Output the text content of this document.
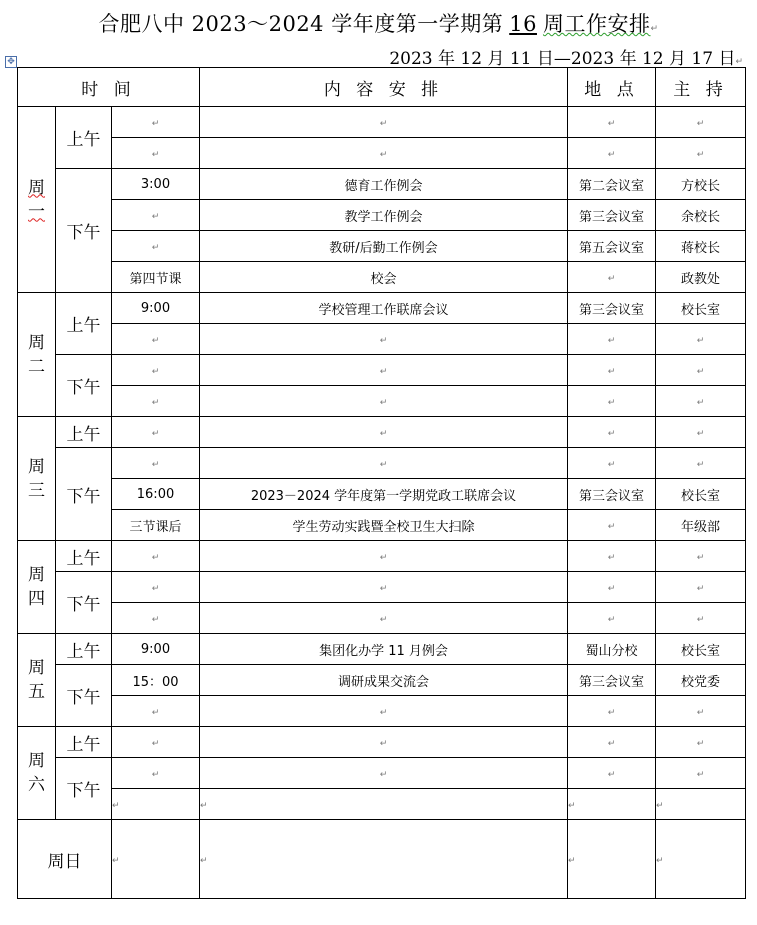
合肥八中 2023～2024 学年度第一学期第 16 周工作安排↵
2023 年 12 月 11 日—2023 年 12 月 17 日↵
✥
时 间			内 容 安 排	地 点	主 持
周
一	上午	↵	↵	↵	↵
		↵	↵	↵	↵
	下午	3:00	德育工作例会	第二会议室	方校长
		↵	教学工作例会	第三会议室	余校长
		↵	教研/后勤工作例会	第五会议室	蒋校长
		第四节课	校会	↵	政教处
周
二	上午	9:00	学校管理工作联席会议	第三会议室	校长室
		↵	↵	↵	↵
	下午	↵	↵	↵	↵
		↵	↵	↵	↵
周
三	上午	↵	↵	↵	↵
	下午	↵	↵	↵	↵
		16:00	2023－2024 学年度第一学期党政工联席会议	第三会议室	校长室
		三节课后	学生劳动实践暨全校卫生大扫除	↵	年级部
周
四	上午	↵	↵	↵	↵
	下午	↵	↵	↵	↵
		↵	↵	↵	↵
周
五	上午	9:00	集团化办学 11 月例会	蜀山分校	校长室
	下午	15：00	调研成果交流会	第三会议室	校党委
		↵	↵	↵	↵
周
六	上午	↵	↵	↵	↵
	下午	↵	↵	↵	↵
		↵	↵	↵	↵
周日		↵	↵	↵	↵
